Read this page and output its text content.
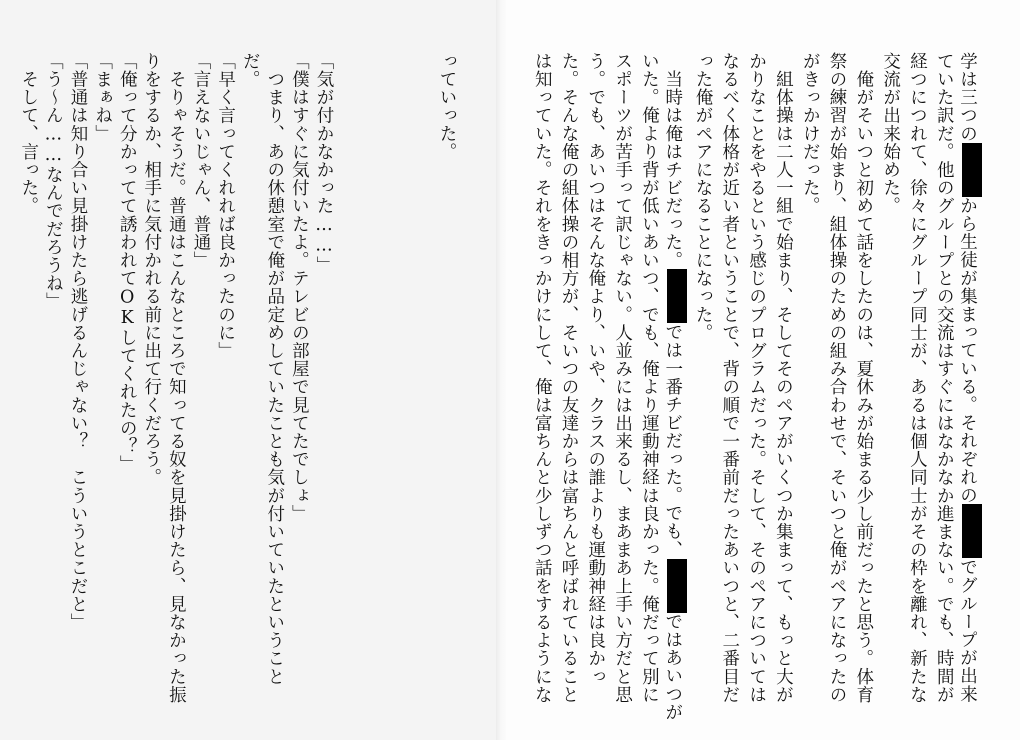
っていった。
「気が付かなかった……」
「僕はすぐに気付いたよ。テレビの部屋で見てたでしょ」
　つまり、あの休憩室で俺が品定めしていたことも気が付いていたということ
だ。
「早く言ってくれれば良かったのに」
「言えないじゃん、普通」
　そりゃそうだ。普通はこんなところで知ってる奴を見掛けたら、見なかった振
りをするか、相手に気付かれる前に出て行くだろう。
「俺って分かってて誘われてOKしてくれたの？」
「まぁね」
「普通は知り合い見掛けたら逃げるんじゃない？　こういうとこだと」
「う〜ん……なんでだろうね」
　そして、言った。	学は三つのから生徒が集まっている。それぞれのでグループが出来
ていた訳だ。他のグループとの交流はすぐにはなかなか進まない。でも、時間が
経つにつれて、徐々にグループ同士が、あるは個人同士がその枠を離れ、新たな
交流が出来始めた。
　俺がそいつと初めて話をしたのは、夏休みが始まる少し前だったと思う。体育
祭の練習が始まり、組体操のための組み合わせで、そいつと俺がペアになったの
がきっかけだった。
　組体操は二人一組で始まり、そしてそのペアがいくつか集まって、もっと大が
かりなことをやるという感じのプログラムだった。そして、そのペアについては
なるべく体格が近い者ということで、背の順で一番前だったあいつと、二番目だ
った俺がペアになることになった。
　当時は俺はチビだった。では一番チビだった。でも、ではあいつが
いた。俺より背が低いあいつ、でも、俺より運動神経は良かった。俺だって別に
スポーツが苦手って訳じゃない。人並みには出来るし、まあまあ上手い方だと思
う。でも、あいつはそんな俺より、いや、クラスの誰よりも運動神経は良かっ
た。そんな俺の組体操の相方が、そいつの友達からは富ちんと呼ばれていること
は知っていた。それをきっかけにして、俺は富ちんと少しずつ話をするようにな
